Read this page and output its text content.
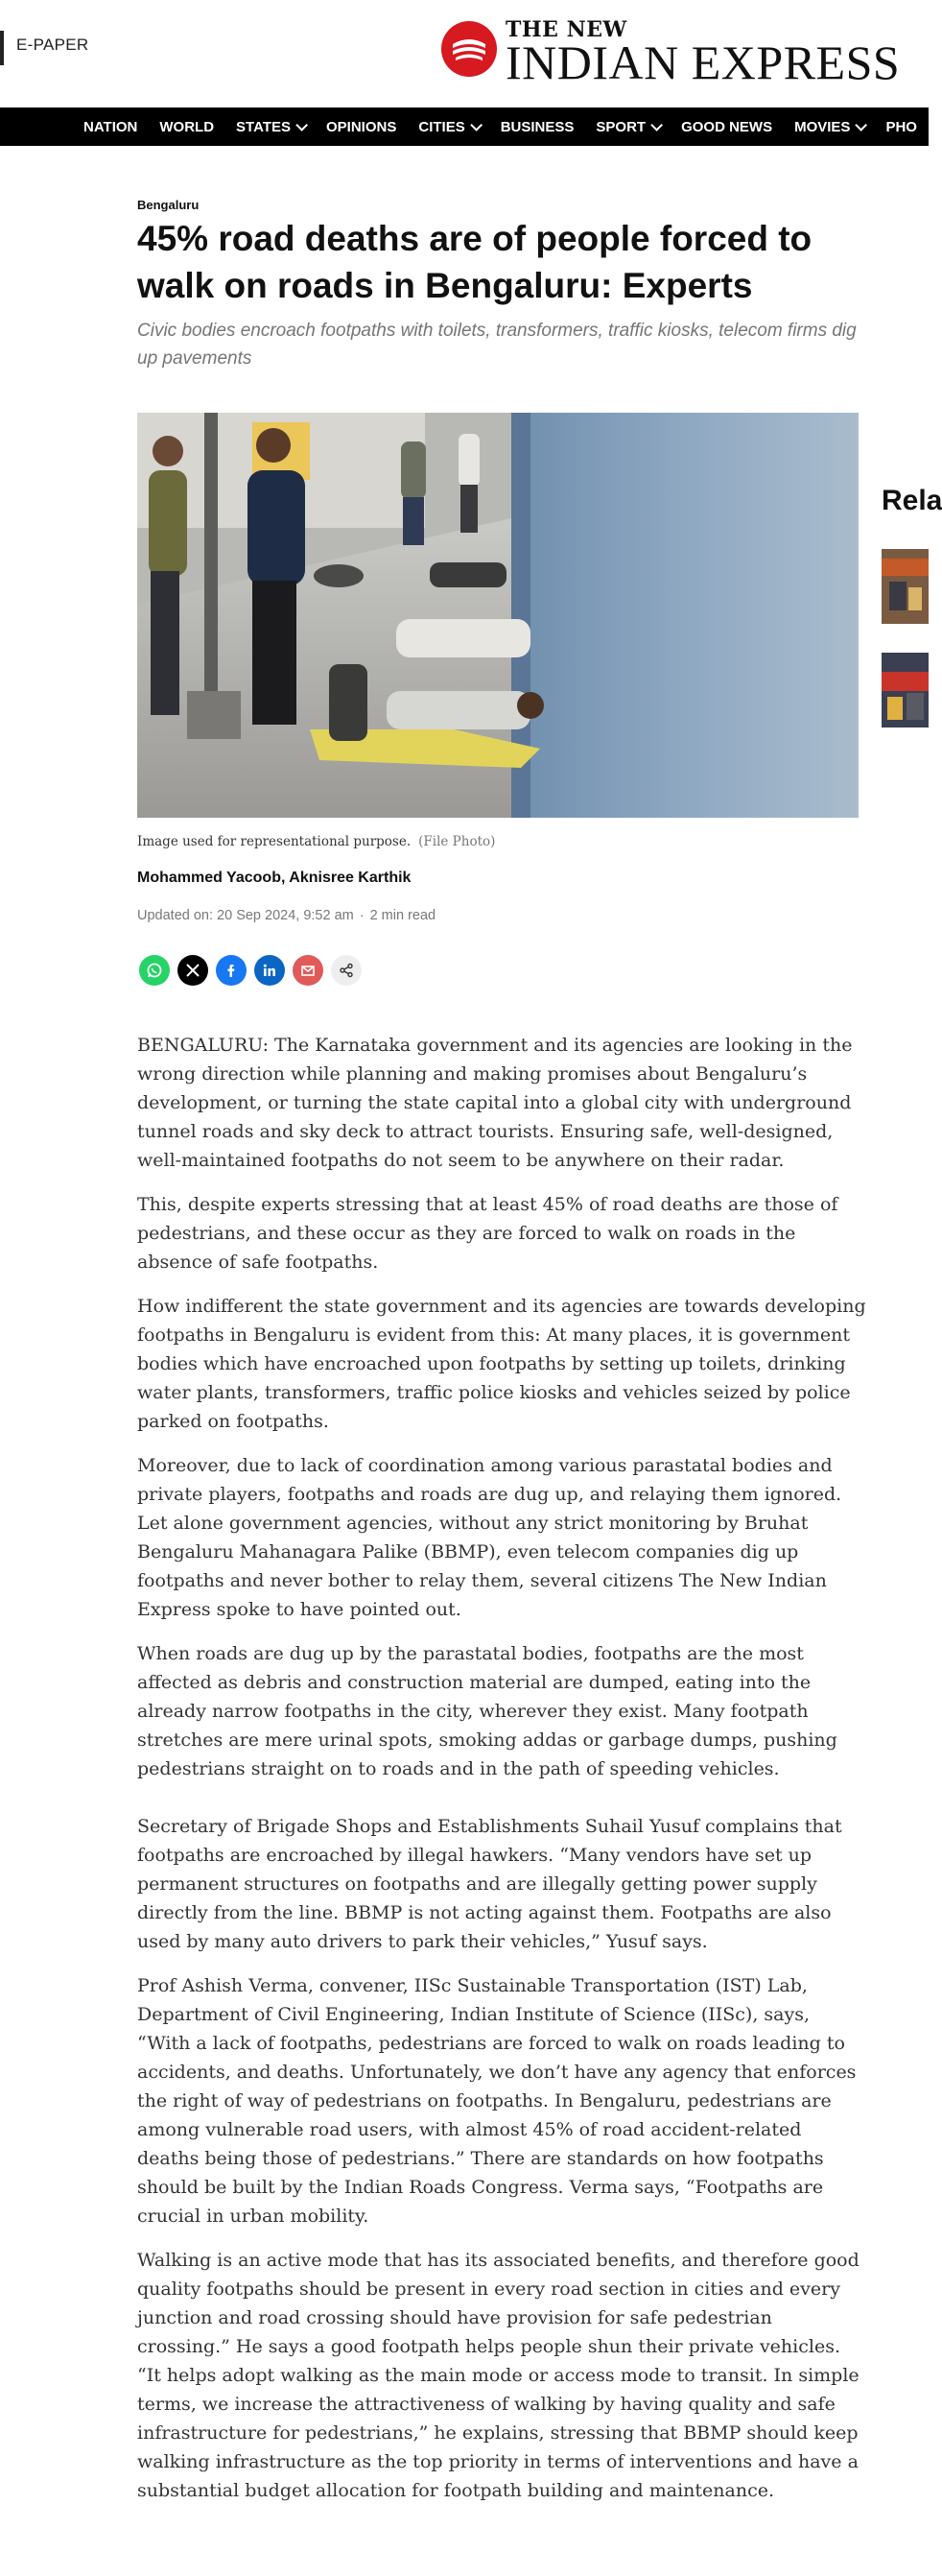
E-PAPER
THE NEW
INDIAN EXPRESS
NATION WORLD STATES OPINIONS CITIES BUSINESS SPORT GOOD NEWS MOVIES PHO
Bengaluru
45% road deaths are of people forced to walk on roads in Bengaluru: Experts

Civic bodies encroach footpaths with toilets, transformers, traffic kiosks, telecom firms dig up pavements

Image used for representational purpose. (File Photo)
Mohammed Yacoob, Aknisree Karthik
Updated on: 20 Sep 2024, 9:52 am · 2 min read

BENGALURU: The Karnataka government and its agencies are looking in the wrong direction while planning and making promises about Bengaluru’s development, or turning the state capital into a global city with underground tunnel roads and sky deck to attract tourists. Ensuring safe, well-designed, well-maintained footpaths do not seem to be anywhere on their radar.

This, despite experts stressing that at least 45% of road deaths are those of pedestrians, and these occur as they are forced to walk on roads in the absence of safe footpaths.

How indifferent the state government and its agencies are towards developing footpaths in Bengaluru is evident from this: At many places, it is government bodies which have encroached upon footpaths by setting up toilets, drinking water plants, transformers, traffic police kiosks and vehicles seized by police parked on footpaths.

Moreover, due to lack of coordination among various parastatal bodies and private players, footpaths and roads are dug up, and relaying them ignored. Let alone government agencies, without any strict monitoring by Bruhat Bengaluru Mahanagara Palike (BBMP), even telecom companies dig up footpaths and never bother to relay them, several citizens The New Indian Express spoke to have pointed out.

When roads are dug up by the parastatal bodies, footpaths are the most affected as debris and construction material are dumped, eating into the already narrow footpaths in the city, wherever they exist. Many footpath stretches are mere urinal spots, smoking addas or garbage dumps, pushing pedestrians straight on to roads and in the path of speeding vehicles.

Secretary of Brigade Shops and Establishments Suhail Yusuf complains that footpaths are encroached by illegal hawkers. “Many vendors have set up permanent structures on footpaths and are illegally getting power supply directly from the line. BBMP is not acting against them. Footpaths are also used by many auto drivers to park their vehicles,” Yusuf says.

Prof Ashish Verma, convener, IISc Sustainable Transportation (IST) Lab, Department of Civil Engineering, Indian Institute of Science (IISc), says, “With a lack of footpaths, pedestrians are forced to walk on roads leading to accidents, and deaths. Unfortunately, we don’t have any agency that enforces the right of way of pedestrians on footpaths. In Bengaluru, pedestrians are among vulnerable road users, with almost 45% of road accident-related deaths being those of pedestrians.” There are standards on how footpaths should be built by the Indian Roads Congress. Verma says, “Footpaths are crucial in urban mobility.

Walking is an active mode that has its associated benefits, and therefore good quality footpaths should be present in every road section in cities and every junction and road crossing should have provision for safe pedestrian crossing.” He says a good footpath helps people shun their private vehicles. “It helps adopt walking as the main mode or access mode to transit. In simple terms, we increase the attractiveness of walking by having quality and safe infrastructure for pedestrians,” he explains, stressing that BBMP should keep walking infrastructure as the top priority in terms of interventions and have a substantial budget allocation for footpath building and maintenance.

Rela
